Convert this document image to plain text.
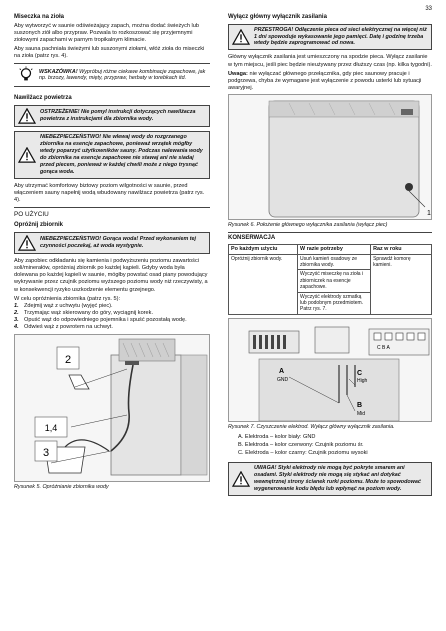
33
Miseczka na zioła

Aby wytworzyć w saunie odświeżający zapach, można dodać świeżych lub suszonych ziół albo przypraw. Pozwala to rozkoszować się przyjemnymi ziołowymi zapachami w parnym tropikalnym klimacie.

Aby sauna pachniała świeżymi lub suszonymi ziołami, włóż zioła do miseczki na zioła (patrz rys. 4).

WSKAZÓWKA! Wypróbuj różne ciekawe kombinacje zapachowe, jak np. brzozy, lawendy, mięty, przypraw, herbaty w torebkach itd.
Nawilżacz powietrza
OSTRZEŻENIE! Nie pomyl instrukcji dotyczących nawilżacza powietrza z instrukcjami dla zbiornika wody.
NIEBEZPIECZEŃSTWO! Nie wlewaj wody do rozgrzanego zbiornika na esencje zapachowe, ponieważ wrzątek mógłby wtedy poparzyć użytkowników sauny. Podczas nalewania wody do zbiornika na esencje zapachowe nie stawaj ani nie siadaj przed piecem, ponieważ w każdej chwili może z niego trysnąć gorąca woda.

Aby utrzymać komfortowy biztowy poziom wilgotności w saunie, przed włączeniem sauny napełnij wodą wbudowany nawilżacz powietrza (patrz rys. 4).

PO UŻYCIU
Opróżnij zbiornik
NIEBEZPIECZEŃSTWO! Gorąca woda! Przed wykonaniem tej czynności poczekaj, aż woda wystygnie.

Aby zapobiec odkładaniu się kamienia i podwyższeniu poziomu zawartości soli/minerałów, opróżniaj zbiornik po każdej kąpieli. Gdyby woda była dolewana po każdej kąpieli w saunie, mógłby powstać osad piany powodujący wykrywanie przez czujnik poziomu wyższego poziomu wody niż rzeczywisty, a w konsekwencji ryzyko uszkodzenie elementu grzejnego.

W celu opróżnienia zbiornika (patrz rys. 5):

1. Zdejmij wąż z uchwytu (wyjęć piec).
2. Trzymając wąż skierowany do góry, wyciągnij korek.
3. Opuść wąż do odpowiedniego pojemnika i spuść pozostałą wodę.
4. Odwieś wąż z powrotem na uchwyt.
2
1,4
3
Rysunek 5. Opróżnianie zbiornika wody
Wyłącz główny wyłącznik zasilania
PRZESTROGA! Odłączenie pieca od sieci elektrycznej na więcej niż 1 dni spowoduje wykasowanie jego pamięci. Datę i godzinę trzeba wtedy będzie zaprogramować od nowa.

Główny wyłącznik zasilania jest umieszczony na spodzie pieca. Wyłącz zasilanie w tym miejscu, jeśli piec będzie nieużywany przez dłuższy czas (np. kilka tygodni).

Uwaga: nie wyłączać głównego przełącznika, gdy piec saunowy pracuje i podgrzewa, chyba że wymagane jest wyłączenie z powodu usterki lub sytuacji awaryjnej.

1
Rysunek 6. Położenie głównego wyłącznika zasilania (wyłącz piec)
KONSERWACJA
Po każdym użyciu	W razie potrzeby	Raz w roku
Opróżnij zbiornik wody.	Usuń kamień osadowy ze zbiornika wody.	Sprawdź komorę kamieni.
	Wyczyść miseczkę na zioła i zbiorniczek na esencje zapachowe.	
	Wyczyść elektrody szmatką lub podobnym przedmiotem. Patrz rys. 7.	
A
GND
C
High
B
Mid
C B A
Rysunek 7. Czyszczenie elektrod. Wyłącz główny wyłącznik zasilania.

A. Elektroda – kolor biały: GND

B. Elektroda – kolor czerwony: Czujnik poziomu śr.

C. Elektroda – kolor czarny: Czujnik poziomu wysoki

UWAGA! Styki elektrody nie mogą być pokryte smarem ani osadami. Styki elektrody nie mogą się stykać ani dotykać wewnętrznej strony ścianek rurki poziomu. Może to spowodować wygenerowanie kodu błędu lub wpłynąć na poziom wody.
